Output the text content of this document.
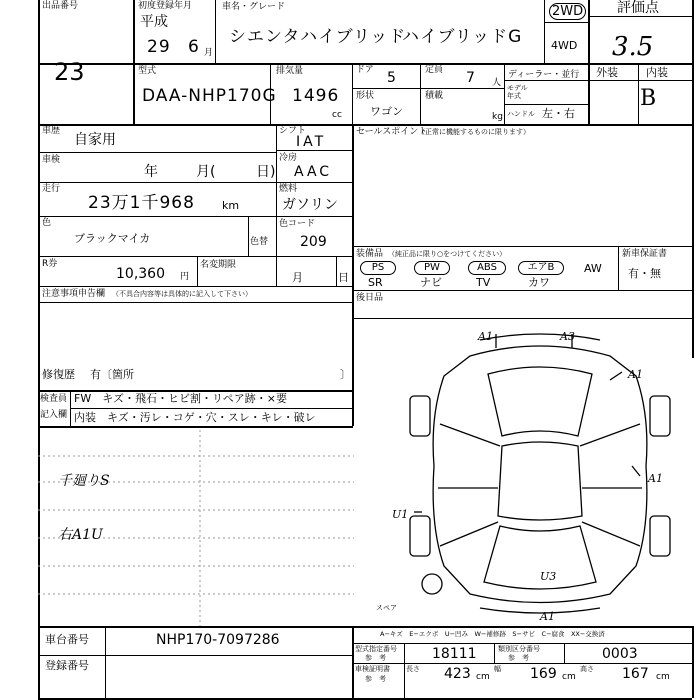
出品番号
23
初度登録年月
平成
29 6 月
車名・グレード
シエンタハイブリッド
ハイブリッドG
2WD
4WD
評価点
3.5
型式
DAA-NHP170G
排気量
1496
cc
ドア 5	定員 7 人
形状
ワゴン
積載
kg
ディーラー・並行
モデル
年式
ハンドル 左・右
外装	内装
B
車歴
自家用
シフト
IAT
車検
年	月(	日)
冷房
AAC
走行
23万1千968 km
燃料
ガソリン
色
ブラックマイカ	色替
色コード
209
R券
10,360 円
名変期限
月	日
注意事項申告欄 （不具合内容等は具体的に記入して下さい）
修復歴 有〔箇所	〕
検査員
記入欄
FW　キズ・飛石・ヒビ割・リペア跡・×要
内装　キズ・汚レ・コゲ・穴・スレ・キレ・破レ
千廻りS
右A1U
セールスポイント
（正常に機能するものに限ります）
装備品 （純正品に限り○をつけてください）
PS	PW	ABS	エアB	AW
SR	ナビ	TV	カワ
新車保証書
有・無
後日品
A1	A3
A1
A1
U1
U3
A1
スペア
A−キズ　E−エクボ　U−凹み　W−補修跡　S−サビ　C−腐食　XX−交換済
車台番号	NHP170-7097286
登録番号
型式指定番号
参　考	18111	類別区分番号
参　考	0003
車検証明書
参　考
長さ 423 cm
幅 169 cm
高さ 167 cm
